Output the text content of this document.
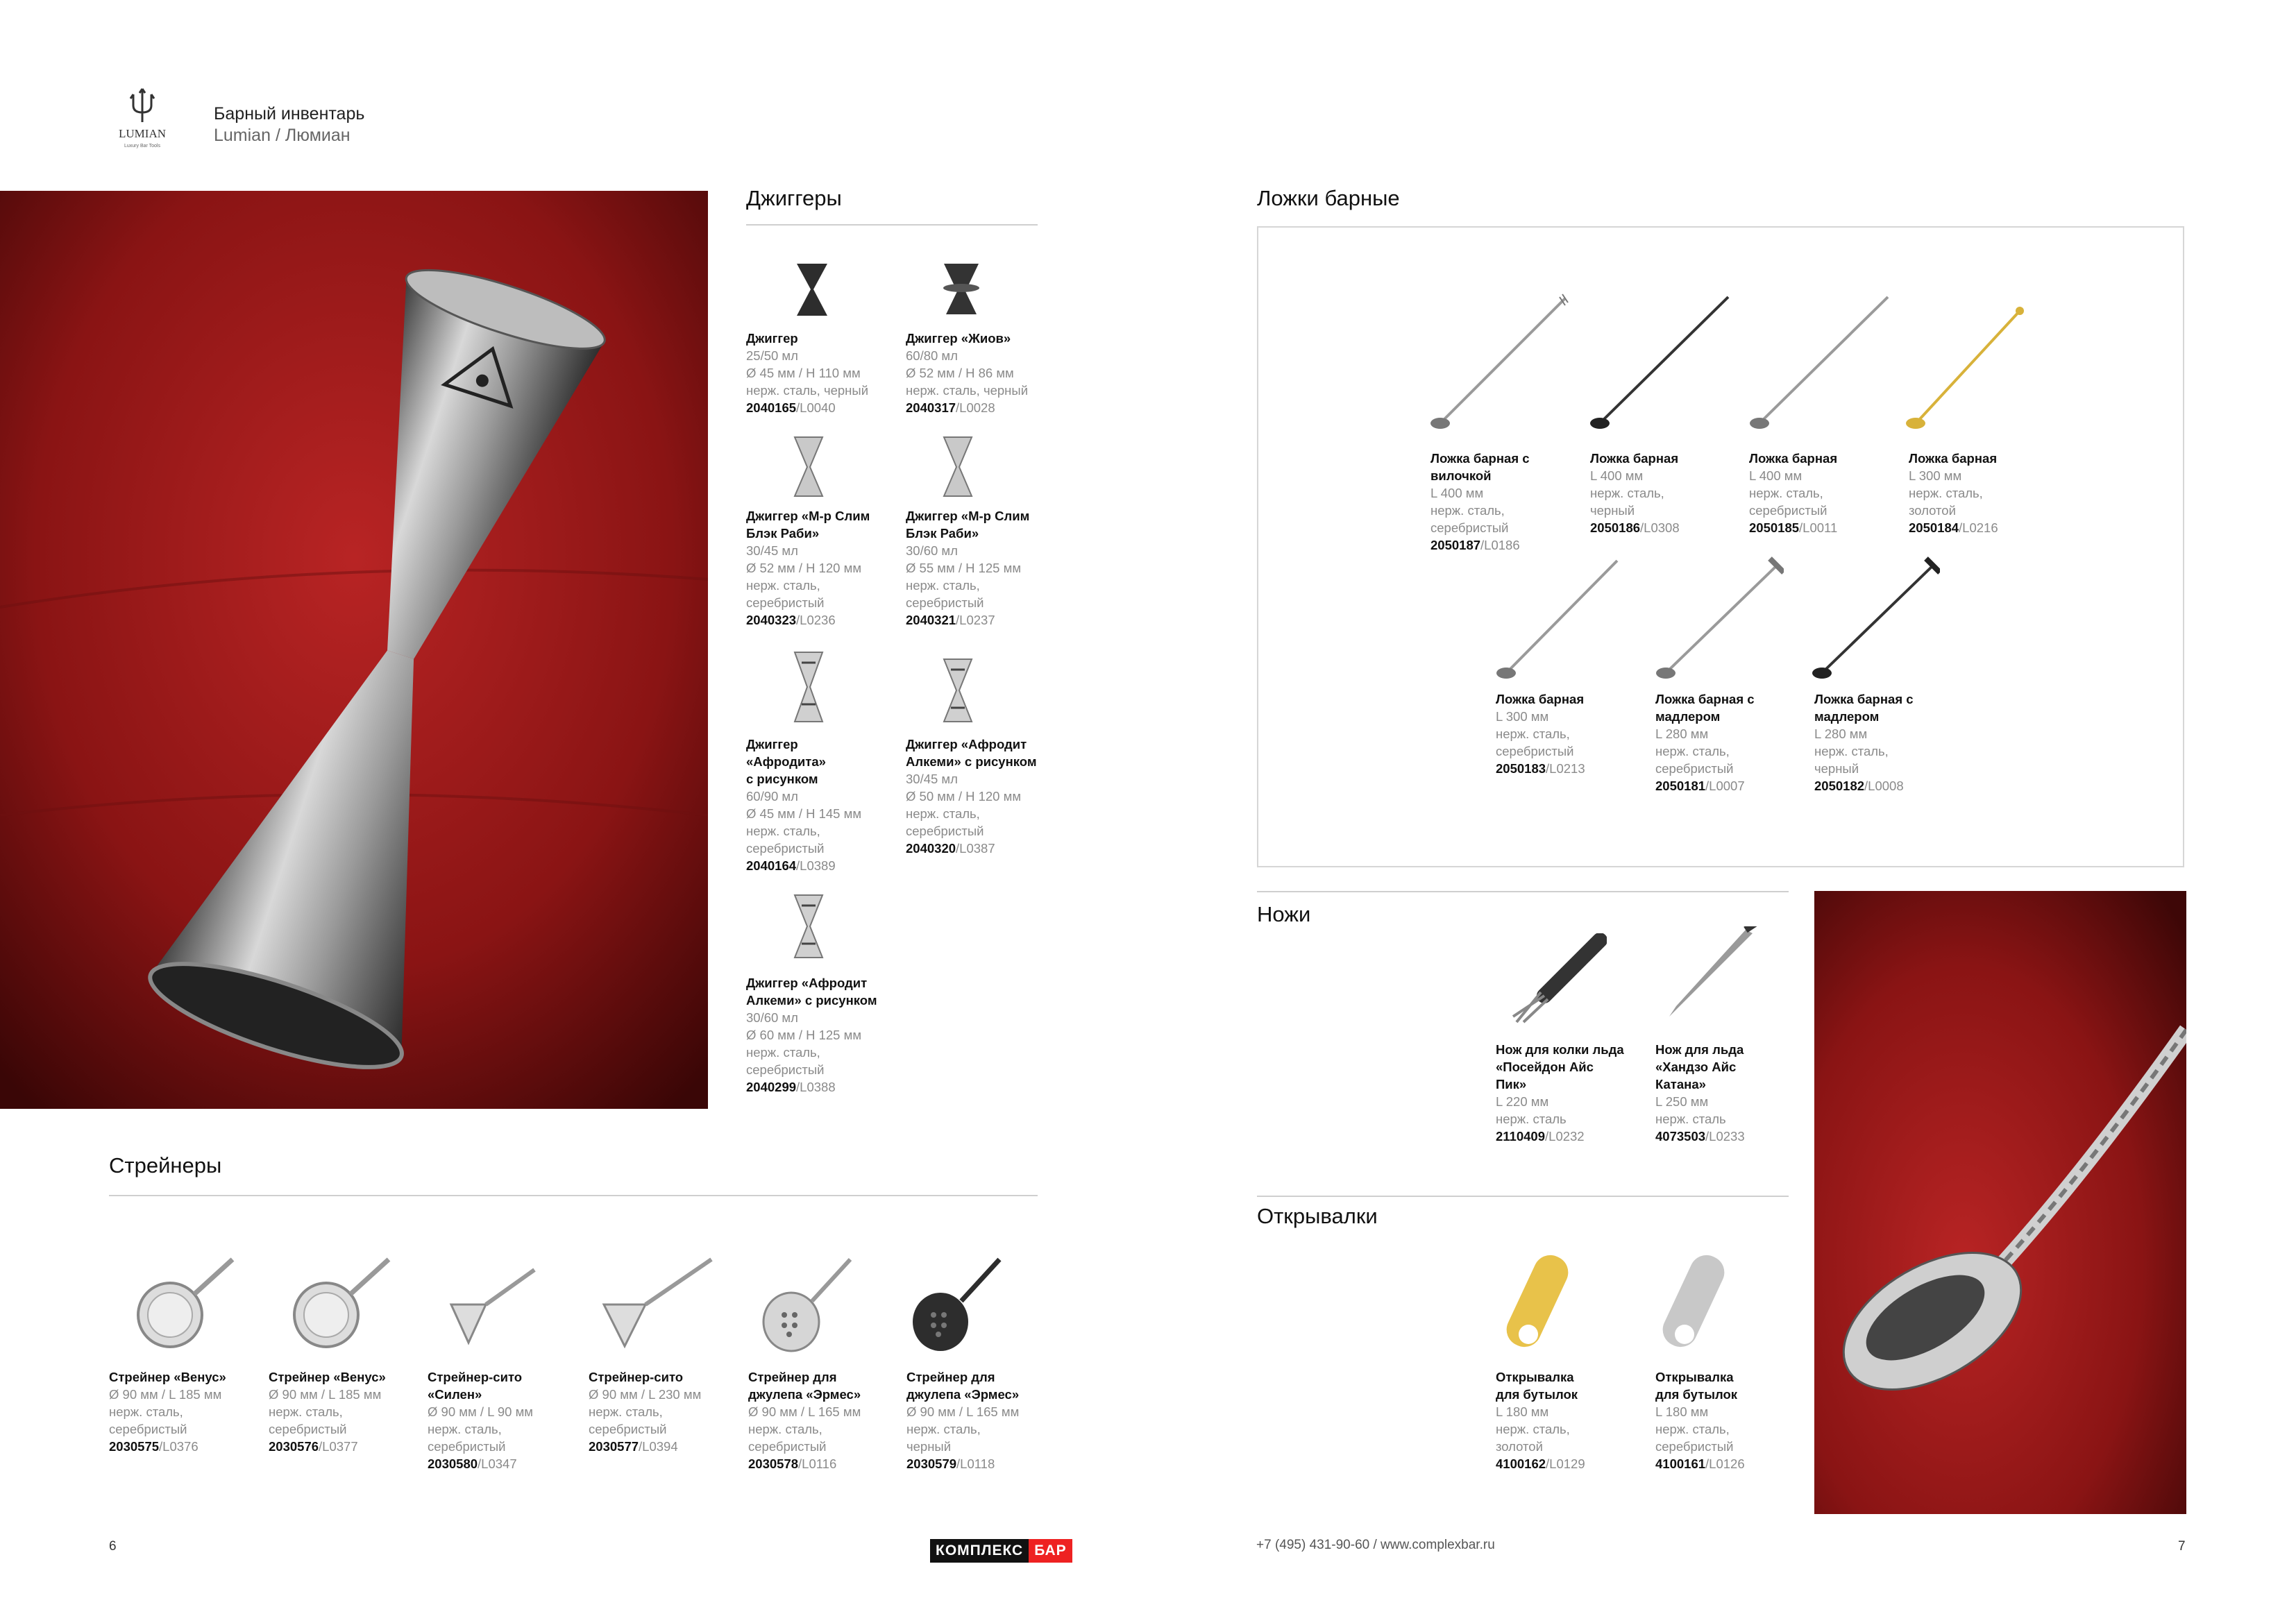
LUMIAN
Luxury Bar Tools
Барный инвентарь
Lumian / Люмиан
Джиггеры
Джиггер
25/50 мл
Ø 45 мм / H 110 мм
нерж. сталь, черный
2040165/L0040
Джиггер «Жиов»
60/80 мл
Ø 52 мм / H 86 мм
нерж. сталь, черный
2040317/L0028
Джиггер «М-р Слим Блэк Раби»
30/45 мл
Ø 52 мм / H 120 мм
нерж. сталь, серебристый
2040323/L0236
Джиггер «М-р Слим Блэк Раби»
30/60 мл
Ø 55 мм / H 125 мм
нерж. сталь, серебристый
2040321/L0237
Джиггер «Афродита» с рисунком
60/90 мл
Ø 45 мм / H 145 мм
нерж. сталь, серебристый
2040164/L0389
Джиггер «Афродит Алкеми» с рисунком
30/45 мл
Ø 50 мм / H 120 мм
нерж. сталь, серебристый
2040320/L0387
Джиггер «Афродит Алкеми» с рисунком
30/60 мл
Ø 60 мм / H 125 мм
нерж. сталь, серебристый
2040299/L0388
Ложки барные
Ложка барная с вилочкой
L 400 мм
нерж. сталь, серебристый
2050187/L0186
Ложка барная
L 400 мм
нерж. сталь, черный
2050186/L0308
Ложка барная
L 400 мм
нерж. сталь, серебристый
2050185/L0011
Ложка барная
L 300 мм
нерж. сталь, золотой
2050184/L0216
Ложка барная
L 300 мм
нерж. сталь, серебристый
2050183/L0213
Ложка барная с мадлером
L 280 мм
нерж. сталь, серебристый
2050181/L0007
Ложка барная с мадлером
L 280 мм
нерж. сталь, черный
2050182/L0008
Ножи
Нож для колки льда «Посейдон Айс Пик»
L 220 мм
нерж. сталь
2110409/L0232
Нож для льда «Хандзо Айс Катана»
L 250 мм
нерж. сталь
4073503/L0233
Открывалки
Открывалка для бутылок
L 180 мм
нерж. сталь, золотой
4100162/L0129
Открывалка для бутылок
L 180 мм
нерж. сталь, серебристый
4100161/L0126
Стрейнеры
Стрейнер «Венус»
Ø 90 мм / L 185 мм
нерж. сталь, серебристый
2030575/L0376
Стрейнер «Венус»
Ø 90 мм / L 185 мм
нерж. сталь, серебристый
2030576/L0377
Стрейнер-сито «Силен»
Ø 90 мм / L 90 мм
нерж. сталь, серебристый
2030580/L0347
Стрейнер-сито
Ø 90 мм / L 230 мм
нерж. сталь, серебристый
2030577/L0394
Стрейнер для джулепа «Эрмес»
Ø 90 мм / L 165 мм
нерж. сталь, серебристый
2030578/L0116
Стрейнер для джулепа «Эрмес»
Ø 90 мм / L 165 мм
нерж. сталь, черный
2030579/L0118
6	КОМПЛЕКС БАР	+7 (495) 431-90-60 / www.complexbar.ru	7
